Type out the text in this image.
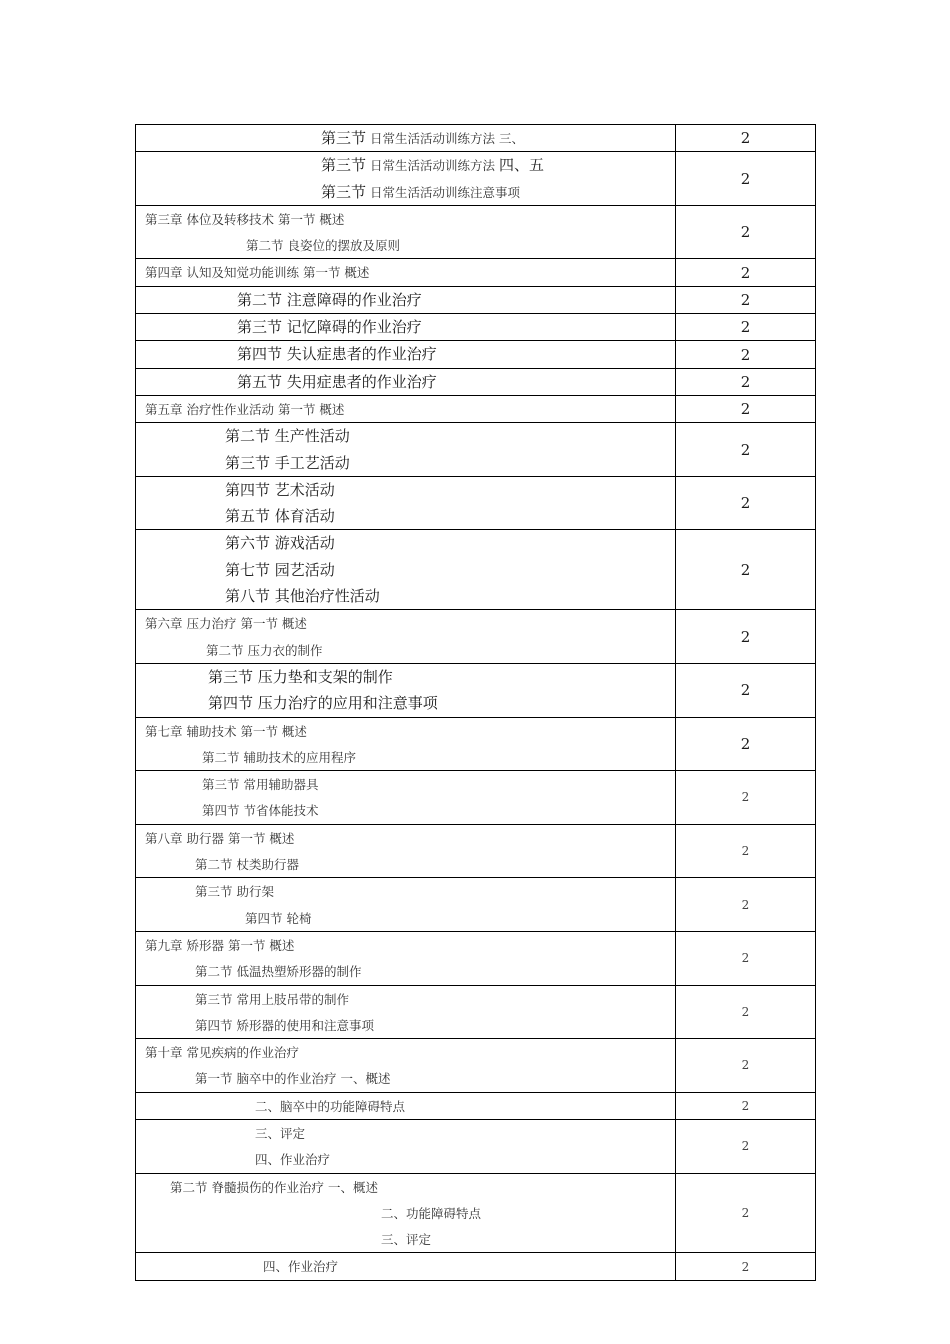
第三节 日常生活活动训练方法 三、	2

第三节 日常生活活动训练方法 四、五
第三节 日常生活活动训练注意事项	2

第三章 体位及转移技术 第一节 概述
第二节 良姿位的摆放及原则	2

第四章 认知及知觉功能训练 第一节 概述	2

第二节 注意障碍的作业治疗	2

第三节 记忆障碍的作业治疗	2

第四节 失认症患者的作业治疗	2

第五节 失用症患者的作业治疗	2

第五章 治疗性作业活动 第一节 概述	2

第二节 生产性活动
第三节 手工艺活动	2

第四节 艺术活动
第五节 体育活动	2

第六节 游戏活动
第七节 园艺活动
第八节 其他治疗性活动	2

第六章 压力治疗 第一节 概述
第二节 压力衣的制作	2

第三节 压力垫和支架的制作
第四节 压力治疗的应用和注意事项	2

第七章 辅助技术 第一节 概述
第二节 辅助技术的应用程序	2

第三节 常用辅助器具
第四节 节省体能技术	2

第八章 助行器 第一节 概述
第二节 杖类助行器	2

第三节 助行架
第四节 轮椅	2

第九章 矫形器 第一节 概述
第二节 低温热塑矫形器的制作	2

第三节 常用上肢吊带的制作
第四节 矫形器的使用和注意事项	2

第十章 常见疾病的作业治疗
第一节 脑卒中的作业治疗 一、概述	2

二、脑卒中的功能障碍特点	2

三、评定
四、作业治疗	2

第二节 脊髓损伤的作业治疗 一、概述
二、功能障碍特点
三、评定	2

四、作业治疗	2
